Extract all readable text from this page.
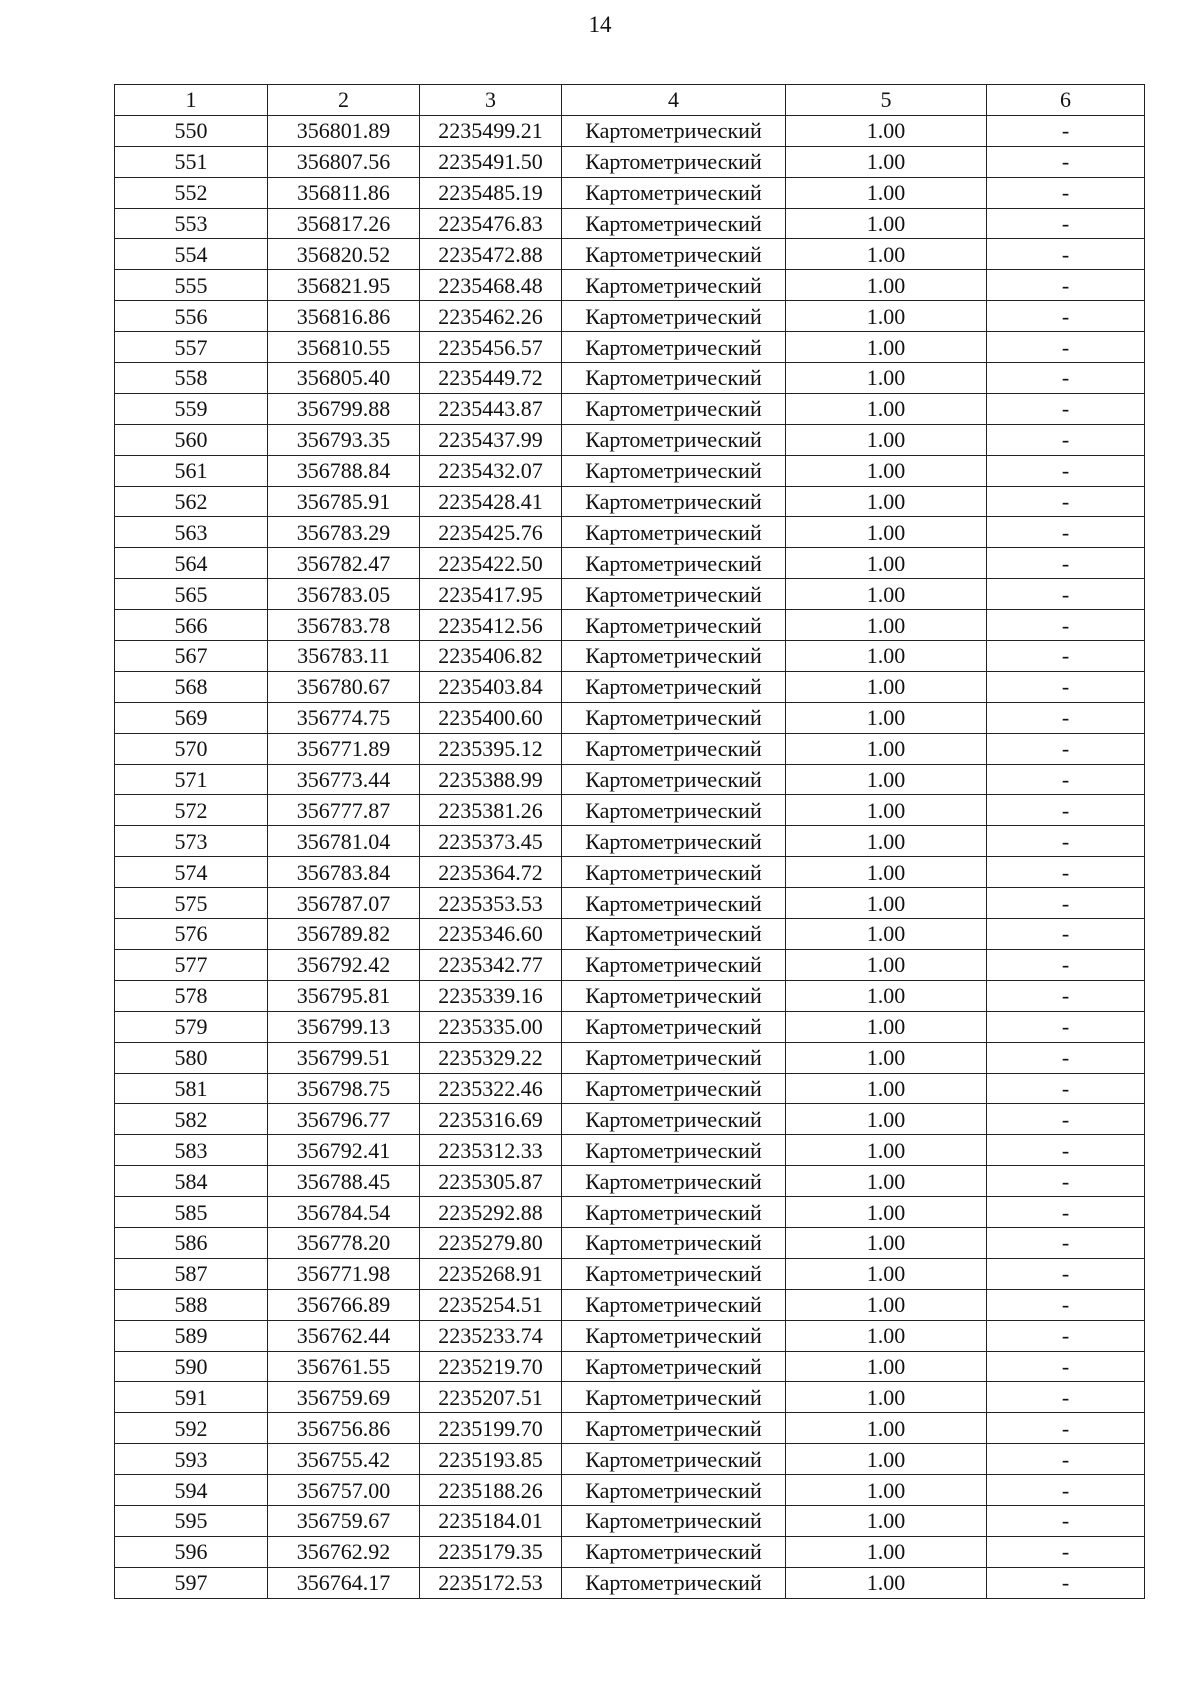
14
1	2	3	4	5	6
550	356801.89	2235499.21	Картометрический	1.00	-
551	356807.56	2235491.50	Картометрический	1.00	-
552	356811.86	2235485.19	Картометрический	1.00	-
553	356817.26	2235476.83	Картометрический	1.00	-
554	356820.52	2235472.88	Картометрический	1.00	-
555	356821.95	2235468.48	Картометрический	1.00	-
556	356816.86	2235462.26	Картометрический	1.00	-
557	356810.55	2235456.57	Картометрический	1.00	-
558	356805.40	2235449.72	Картометрический	1.00	-
559	356799.88	2235443.87	Картометрический	1.00	-
560	356793.35	2235437.99	Картометрический	1.00	-
561	356788.84	2235432.07	Картометрический	1.00	-
562	356785.91	2235428.41	Картометрический	1.00	-
563	356783.29	2235425.76	Картометрический	1.00	-
564	356782.47	2235422.50	Картометрический	1.00	-
565	356783.05	2235417.95	Картометрический	1.00	-
566	356783.78	2235412.56	Картометрический	1.00	-
567	356783.11	2235406.82	Картометрический	1.00	-
568	356780.67	2235403.84	Картометрический	1.00	-
569	356774.75	2235400.60	Картометрический	1.00	-
570	356771.89	2235395.12	Картометрический	1.00	-
571	356773.44	2235388.99	Картометрический	1.00	-
572	356777.87	2235381.26	Картометрический	1.00	-
573	356781.04	2235373.45	Картометрический	1.00	-
574	356783.84	2235364.72	Картометрический	1.00	-
575	356787.07	2235353.53	Картометрический	1.00	-
576	356789.82	2235346.60	Картометрический	1.00	-
577	356792.42	2235342.77	Картометрический	1.00	-
578	356795.81	2235339.16	Картометрический	1.00	-
579	356799.13	2235335.00	Картометрический	1.00	-
580	356799.51	2235329.22	Картометрический	1.00	-
581	356798.75	2235322.46	Картометрический	1.00	-
582	356796.77	2235316.69	Картометрический	1.00	-
583	356792.41	2235312.33	Картометрический	1.00	-
584	356788.45	2235305.87	Картометрический	1.00	-
585	356784.54	2235292.88	Картометрический	1.00	-
586	356778.20	2235279.80	Картометрический	1.00	-
587	356771.98	2235268.91	Картометрический	1.00	-
588	356766.89	2235254.51	Картометрический	1.00	-
589	356762.44	2235233.74	Картометрический	1.00	-
590	356761.55	2235219.70	Картометрический	1.00	-
591	356759.69	2235207.51	Картометрический	1.00	-
592	356756.86	2235199.70	Картометрический	1.00	-
593	356755.42	2235193.85	Картометрический	1.00	-
594	356757.00	2235188.26	Картометрический	1.00	-
595	356759.67	2235184.01	Картометрический	1.00	-
596	356762.92	2235179.35	Картометрический	1.00	-
597	356764.17	2235172.53	Картометрический	1.00	-
